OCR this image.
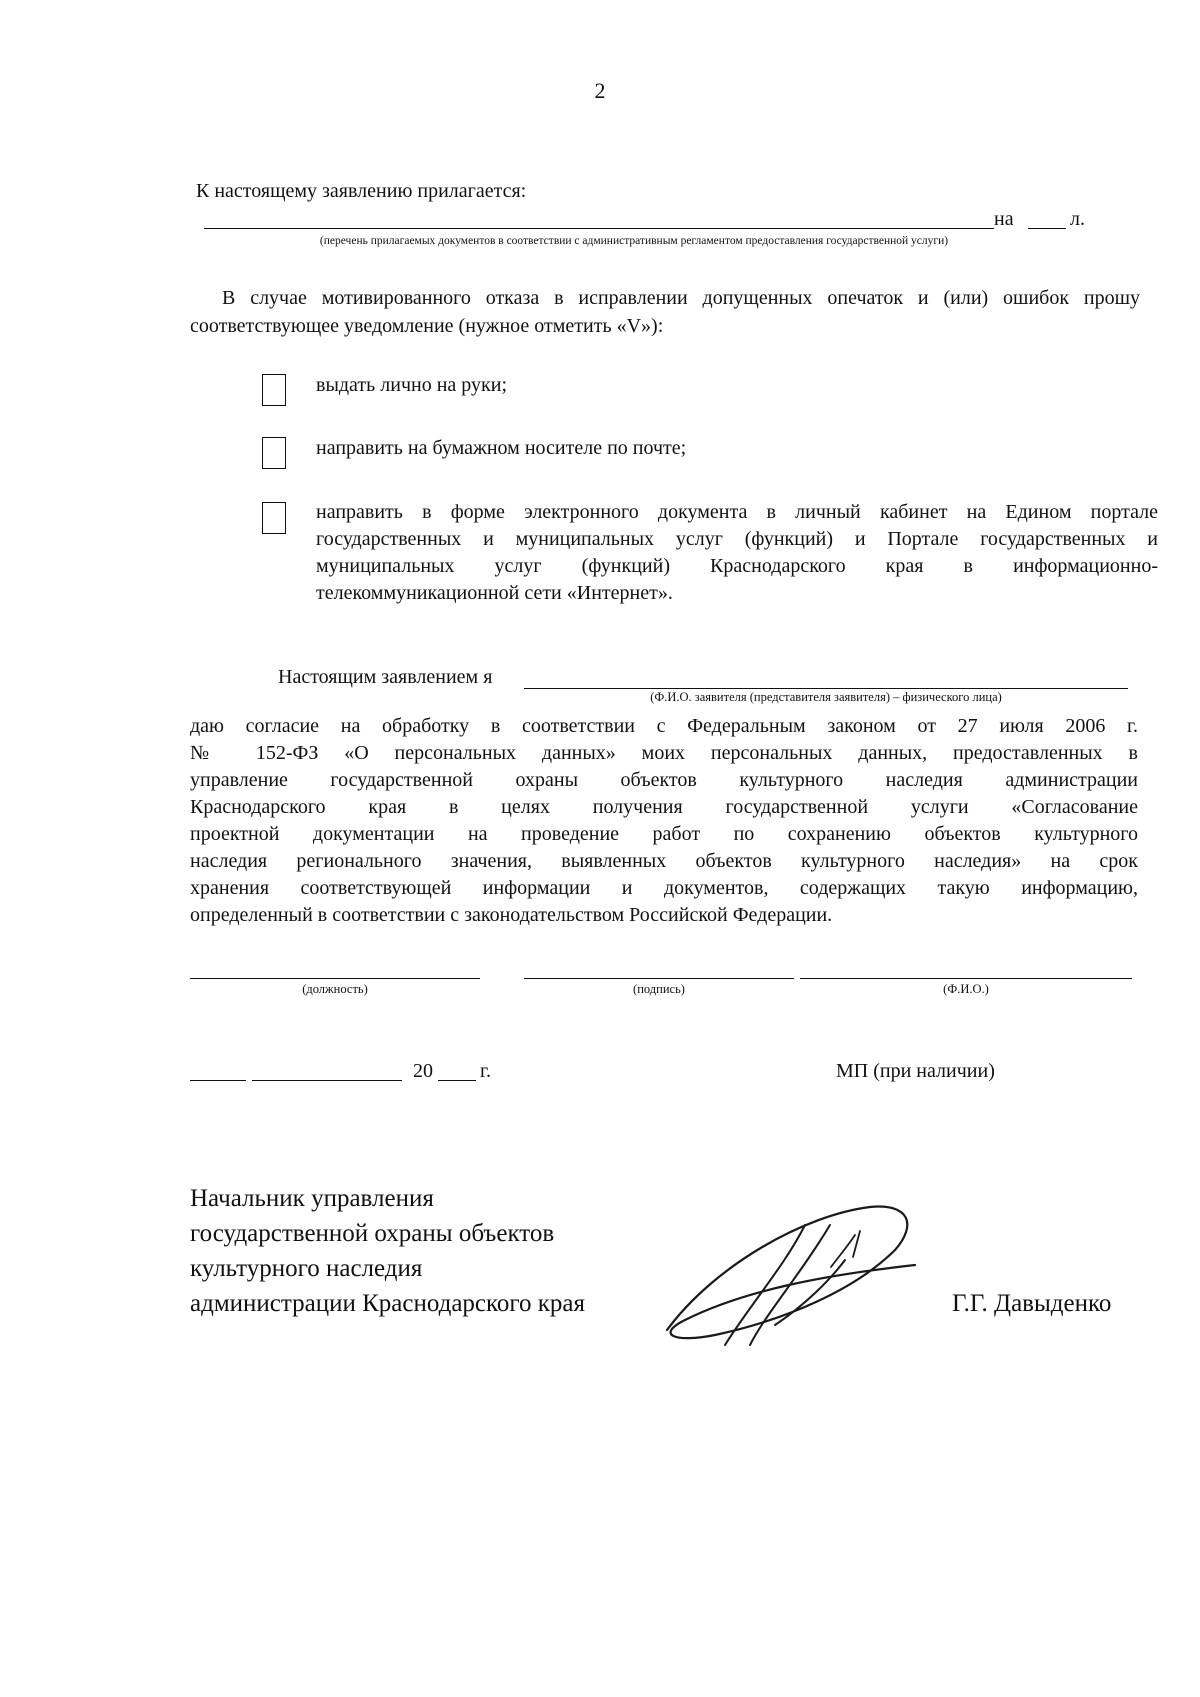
2
К настоящему заявлению прилагается:
на	л.
(перечень прилагаемых документов в соответствии с административным регламентом предоставления государственной услуги)
В случае мотивированного отказа в исправлении допущенных опечаток и (или) ошибок прошу
соответствующее уведомление (нужное отметить «V»):
выдать лично на руки;
направить на бумажном носителе по почте;
направить в форме электронного документа в личный кабинет на Едином портале
государственных и муниципальных услуг (функций) и Портале государственных и
муниципальных услуг (функций) Краснодарского края в информационно-
телекоммуникационной сети «Интернет».
Настоящим заявлением я
(Ф.И.О. заявителя (представителя заявителя) – физического лица)
даю согласие на обработку в соответствии с Федеральным законом от 27 июля 2006 г.
№ 152-ФЗ «О персональных данных» моих персональных данных, предоставленных в
управление государственной охраны объектов культурного наследия администрации
Краснодарского края в целях получения государственной услуги «Согласование
проектной документации на проведение работ по сохранению объектов культурного
наследия регионального значения, выявленных объектов культурного наследия» на срок
хранения соответствующей информации и документов, содержащих такую информацию,
определенный в соответствии с законодательством Российской Федерации.
(должность)	(подпись)	(Ф.И.О.)
20 г.	МП (при наличии)
Начальник управления
государственной охраны объектов
культурного наследия
администрации Краснодарского края	Г.Г. Давыденко
